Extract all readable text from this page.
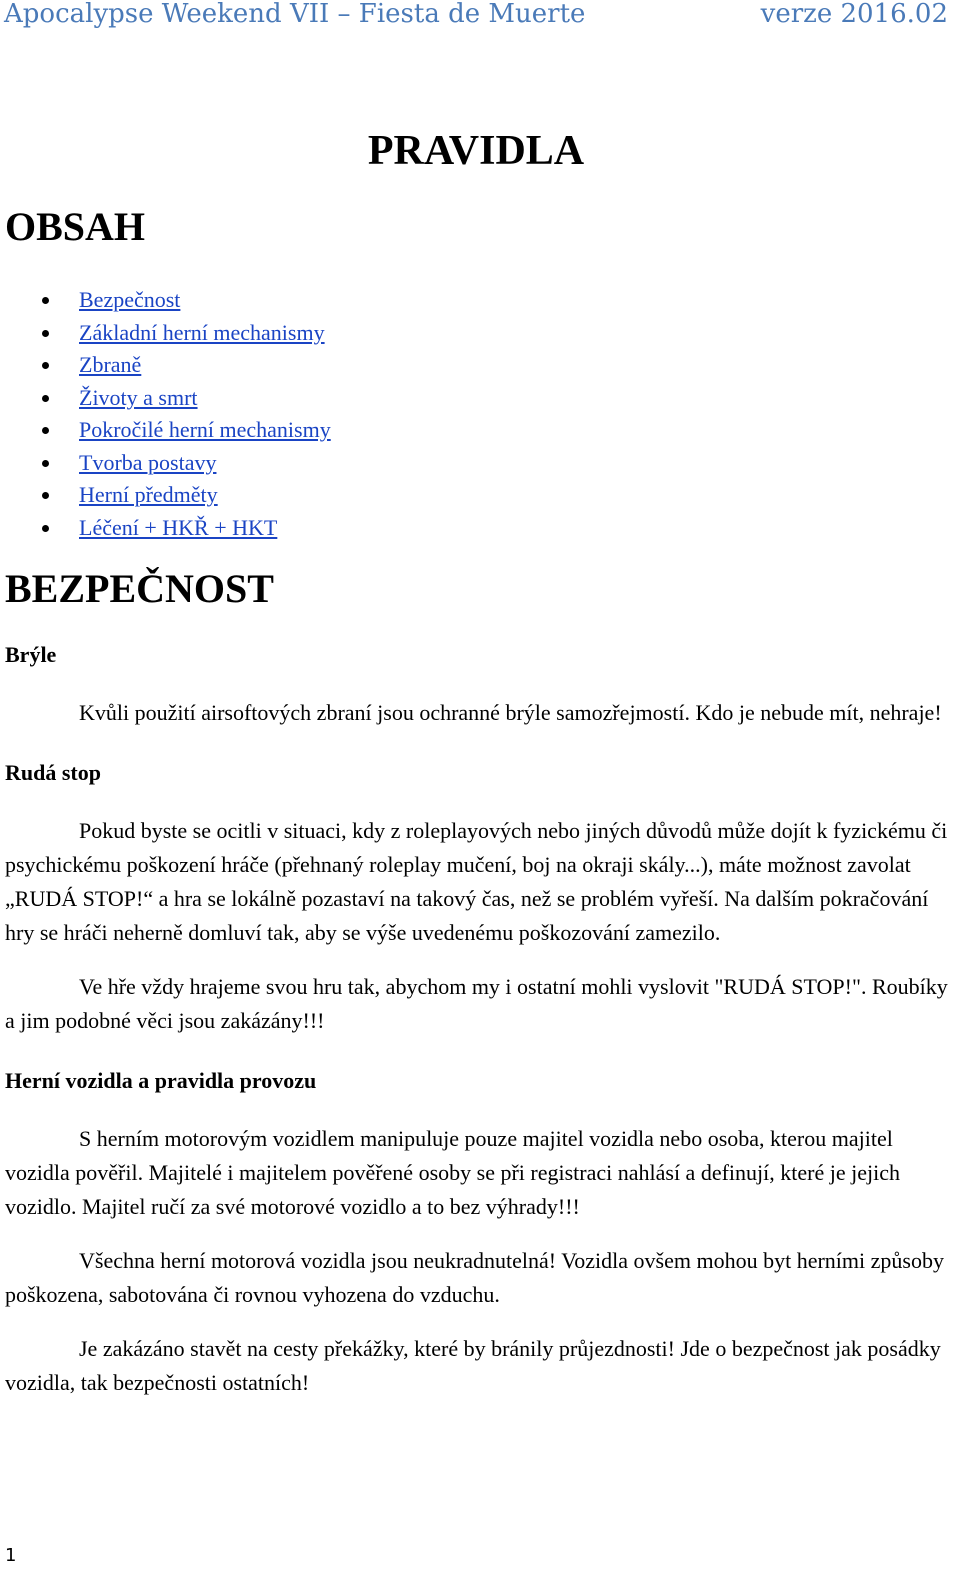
Apocalypse Weekend VII – Fiesta de Muerte	verze 2016.02
PRAVIDLA
OBSAH
Bezpečnost
Základní herní mechanismy
Zbraně
Životy a smrt
Pokročilé herní mechanismy
Tvorba postavy
Herní předměty
Léčení + HKŘ + HKT
BEZPEČNOST
Brýle

Kvůli použití airsoftových zbraní jsou ochranné brýle samozřejmostí. Kdo je nebude mít, nehraje!

Rudá stop

Pokud byste se ocitli v situaci, kdy z roleplayových nebo jiných důvodů může dojít k fyzickému či psychickému poškození hráče (přehnaný roleplay mučení, boj na okraji skály...), máte možnost zavolat „RUDÁ STOP!“ a hra se lokálně pozastaví na takový čas, než se problém vyřeší. Na dalším pokračování hry se hráči neherně domluví tak, aby se výše uvedenému poškozování zamezilo.

Ve hře vždy hrajeme svou hru tak, abychom my i ostatní mohli vyslovit "RUDÁ STOP!". Roubíky a jim podobné věci jsou zakázány!!!

Herní vozidla a pravidla provozu

S herním motorovým vozidlem manipuluje pouze majitel vozidla nebo osoba, kterou majitel vozidla pověřil. Majitelé i majitelem pověřené osoby se při registraci nahlásí a definují, které je jejich vozidlo. Majitel ručí za své motorové vozidlo a to bez výhrady!!!

Všechna herní motorová vozidla jsou neukradnutelná! Vozidla ovšem mohou byt herními způsoby poškozena, sabotována či rovnou vyhozena do vzduchu.

Je zakázáno stavět na cesty překážky, které by bránily průjezdnosti! Jde o bezpečnost jak posádky vozidla, tak bezpečnosti ostatních!

1
